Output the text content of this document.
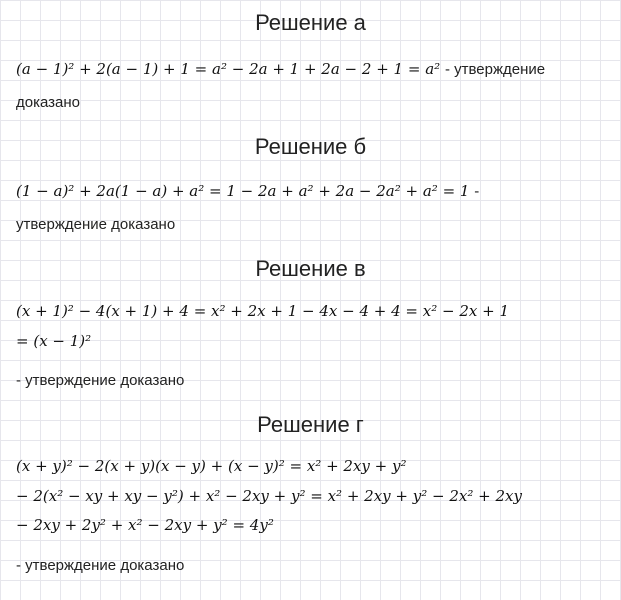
Решение а
(a − 1)² + 2(a − 1) + 1 = a² − 2a + 1 + 2a − 2 + 1 = a² - утверждение
доказано
Решение б
(1 − a)² + 2a(1 − a) + a² = 1 − 2a + a² + 2a − 2a² + a² = 1 -
утверждение доказано
Решение в
(x + 1)² − 4(x + 1) + 4 = x² + 2x + 1 − 4x − 4 + 4 = x² − 2x + 1
= (x − 1)²
- утверждение доказано
Решение г
(x + y)² − 2(x + y)(x − y) + (x − y)² = x² + 2xy + y²
− 2(x² − xy + xy − y²) + x² − 2xy + y² = x² + 2xy + y² − 2x² + 2xy
− 2xy + 2y² + x² − 2xy + y² = 4y²
- утверждение доказано
